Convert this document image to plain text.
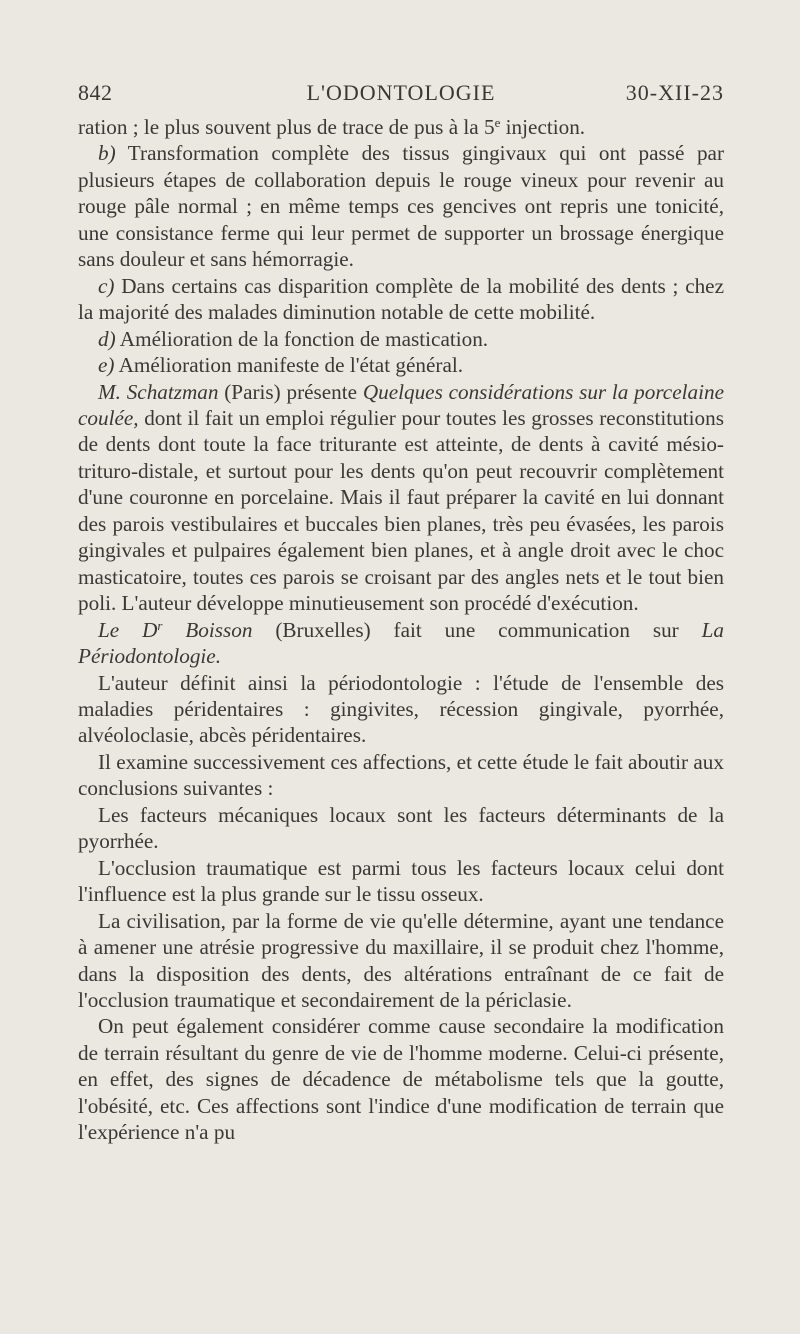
842	L'ODONTOLOGIE	30-XII-23

ration ; le plus souvent plus de trace de pus à la 5e injection.

b) Transformation complète des tissus gingivaux qui ont passé par plusieurs étapes de collaboration depuis le rouge vineux pour revenir au rouge pâle normal ; en même temps ces gencives ont repris une tonicité, une consistance ferme qui leur permet de supporter un brossage énergique sans douleur et sans hémorragie.

c) Dans certains cas disparition complète de la mobilité des dents ; chez la majorité des malades diminution notable de cette mobilité.

d) Amélioration de la fonction de mastication.

e) Amélioration manifeste de l'état général.

M. Schatzman (Paris) présente Quelques considérations sur la porcelaine coulée, dont il fait un emploi régulier pour toutes les grosses reconstitutions de dents dont toute la face triturante est atteinte, de dents à cavité mésio-trituro-distale, et surtout pour les dents qu'on peut recouvrir complètement d'une couronne en porcelaine. Mais il faut préparer la cavité en lui donnant des parois vestibulaires et buccales bien planes, très peu évasées, les parois gingivales et pulpaires également bien planes, et à angle droit avec le choc masticatoire, toutes ces parois se croisant par des angles nets et le tout bien poli. L'auteur développe minutieusement son procédé d'exécution.

Le $D^r$ Boisson (Bruxelles) fait une communication sur La Périodontologie.

L'auteur définit ainsi la périodontologie : l'étude de l'ensemble des maladies péridentaires : gingivites, récession gingivale, pyorrhée, alvéoloclasie, abcès péridentaires.

Il examine successivement ces affections, et cette étude le fait aboutir aux conclusions suivantes :

Les facteurs mécaniques locaux sont les facteurs déterminants de la pyorrhée.

L'occlusion traumatique est parmi tous les facteurs locaux celui dont l'influence est la plus grande sur le tissu osseux.

La civilisation, par la forme de vie qu'elle détermine, ayant une tendance à amener une atrésie progressive du maxillaire, il se produit chez l'homme, dans la disposition des dents, des altérations entraînant de ce fait de l'occlusion traumatique et secondairement de la périclasie.

On peut également considérer comme cause secondaire la modification de terrain résultant du genre de vie de l'homme moderne. Celui-ci présente, en effet, des signes de décadence de métabolisme tels que la goutte, l'obésité, etc. Ces affections sont l'indice d'une modification de terrain que l'expérience n'a pu
